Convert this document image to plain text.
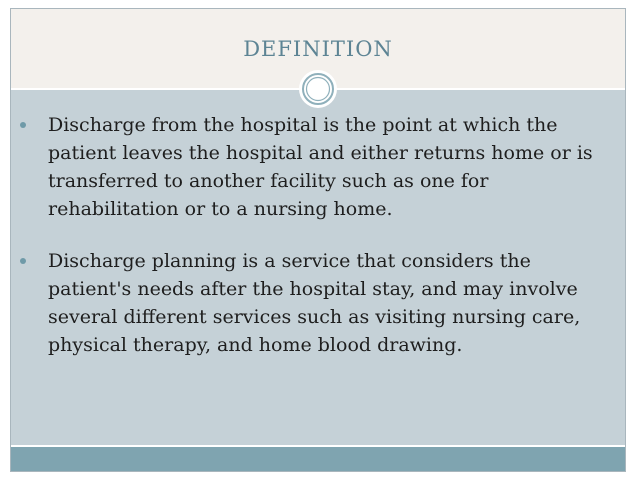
DEFINITION
Discharge from the hospital is the point at which the patient leaves the hospital and either returns home or is transferred to another facility such as one for rehabilitation or to a nursing home.
Discharge planning is a service that considers the patient's needs after the hospital stay, and may involve several different services such as visiting nursing care, physical therapy, and home blood drawing.
